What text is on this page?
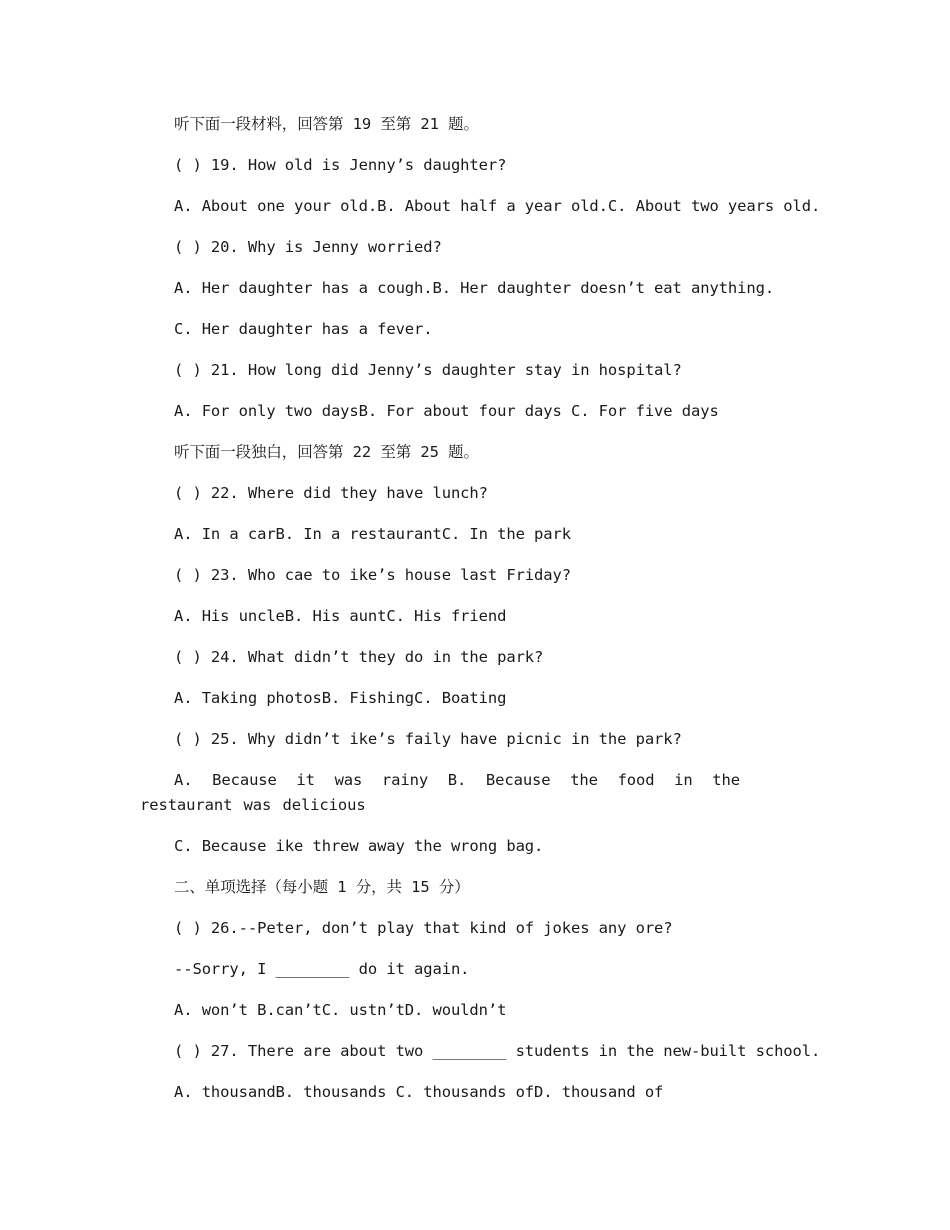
听下面一段材料，回答第 19 至第 21 题。
( ) 19. How old is Jenny’s daughter?
A. About one your old.B. About half a year old.C. About two years old.
( ) 20. Why is Jenny worried?
A. Her daughter has a cough.B. Her daughter doesn’t eat anything.
C. Her daughter has a fever.
( ) 21. How long did Jenny’s daughter stay in hospital?
A. For only two daysB. For about four days C. For five days
听下面一段独白，回答第 22 至第 25 题。
( ) 22. Where did they have lunch?
A. In a carB. In a restaurantC. In the park
( ) 23. Who cae to ike’s house last Friday?
A. His uncleB. His auntC. His friend
( ) 24. What didn’t they do in the park?
A. Taking photosB. FishingC. Boating
( ) 25. Why didn’t ike’s faily have picnic in the park?
A. Because it was rainy B. Because the food in the restaurant was delicious
C. Because ike threw away the wrong bag.
二、单项选择（每小题 1 分，共 15 分）
( ) 26.--Peter, don’t play that kind of jokes any ore?
--Sorry, I ________ do it again.
A. won’t B.can’tC. ustn’tD. wouldn’t
( ) 27. There are about two ________ students in the new-built school.
A. thousandB. thousands C. thousands ofD. thousand of
